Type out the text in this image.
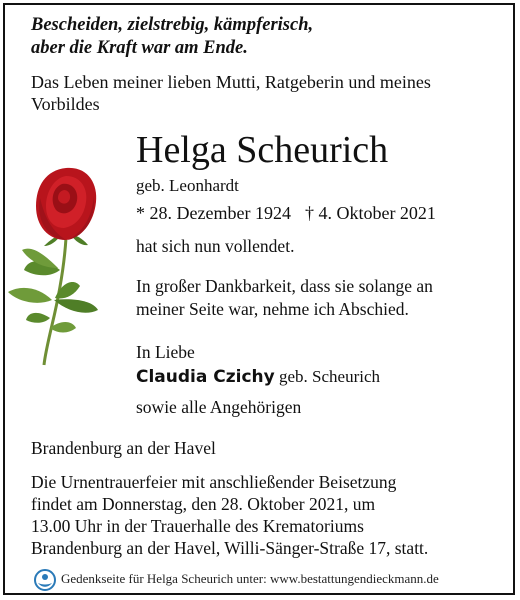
Bescheiden, zielstrebig, kämpferisch,
aber die Kraft war am Ende.
Das Leben meiner lieben Mutti, Ratgeberin und meines Vorbildes
Helga Scheurich
geb. Leonhardt
* 28. Dezember 1924 † 4. Oktober 2021
hat sich nun vollendet.
In großer Dankbarkeit, dass sie solange an
meiner Seite war, nehme ich Abschied.
In Liebe
Claudia Czichy geb. Scheurich
sowie alle Angehörigen
Brandenburg an der Havel
Die Urnentrauerfeier mit anschließender Beisetzung
findet am Donnerstag, den 28. Oktober 2021, um
13.00 Uhr in der Trauerhalle des Krematoriums
Brandenburg an der Havel, Willi-Sänger-Straße 17, statt.
Gedenkseite für Helga Scheurich unter: www.bestattungendieckmann.de
